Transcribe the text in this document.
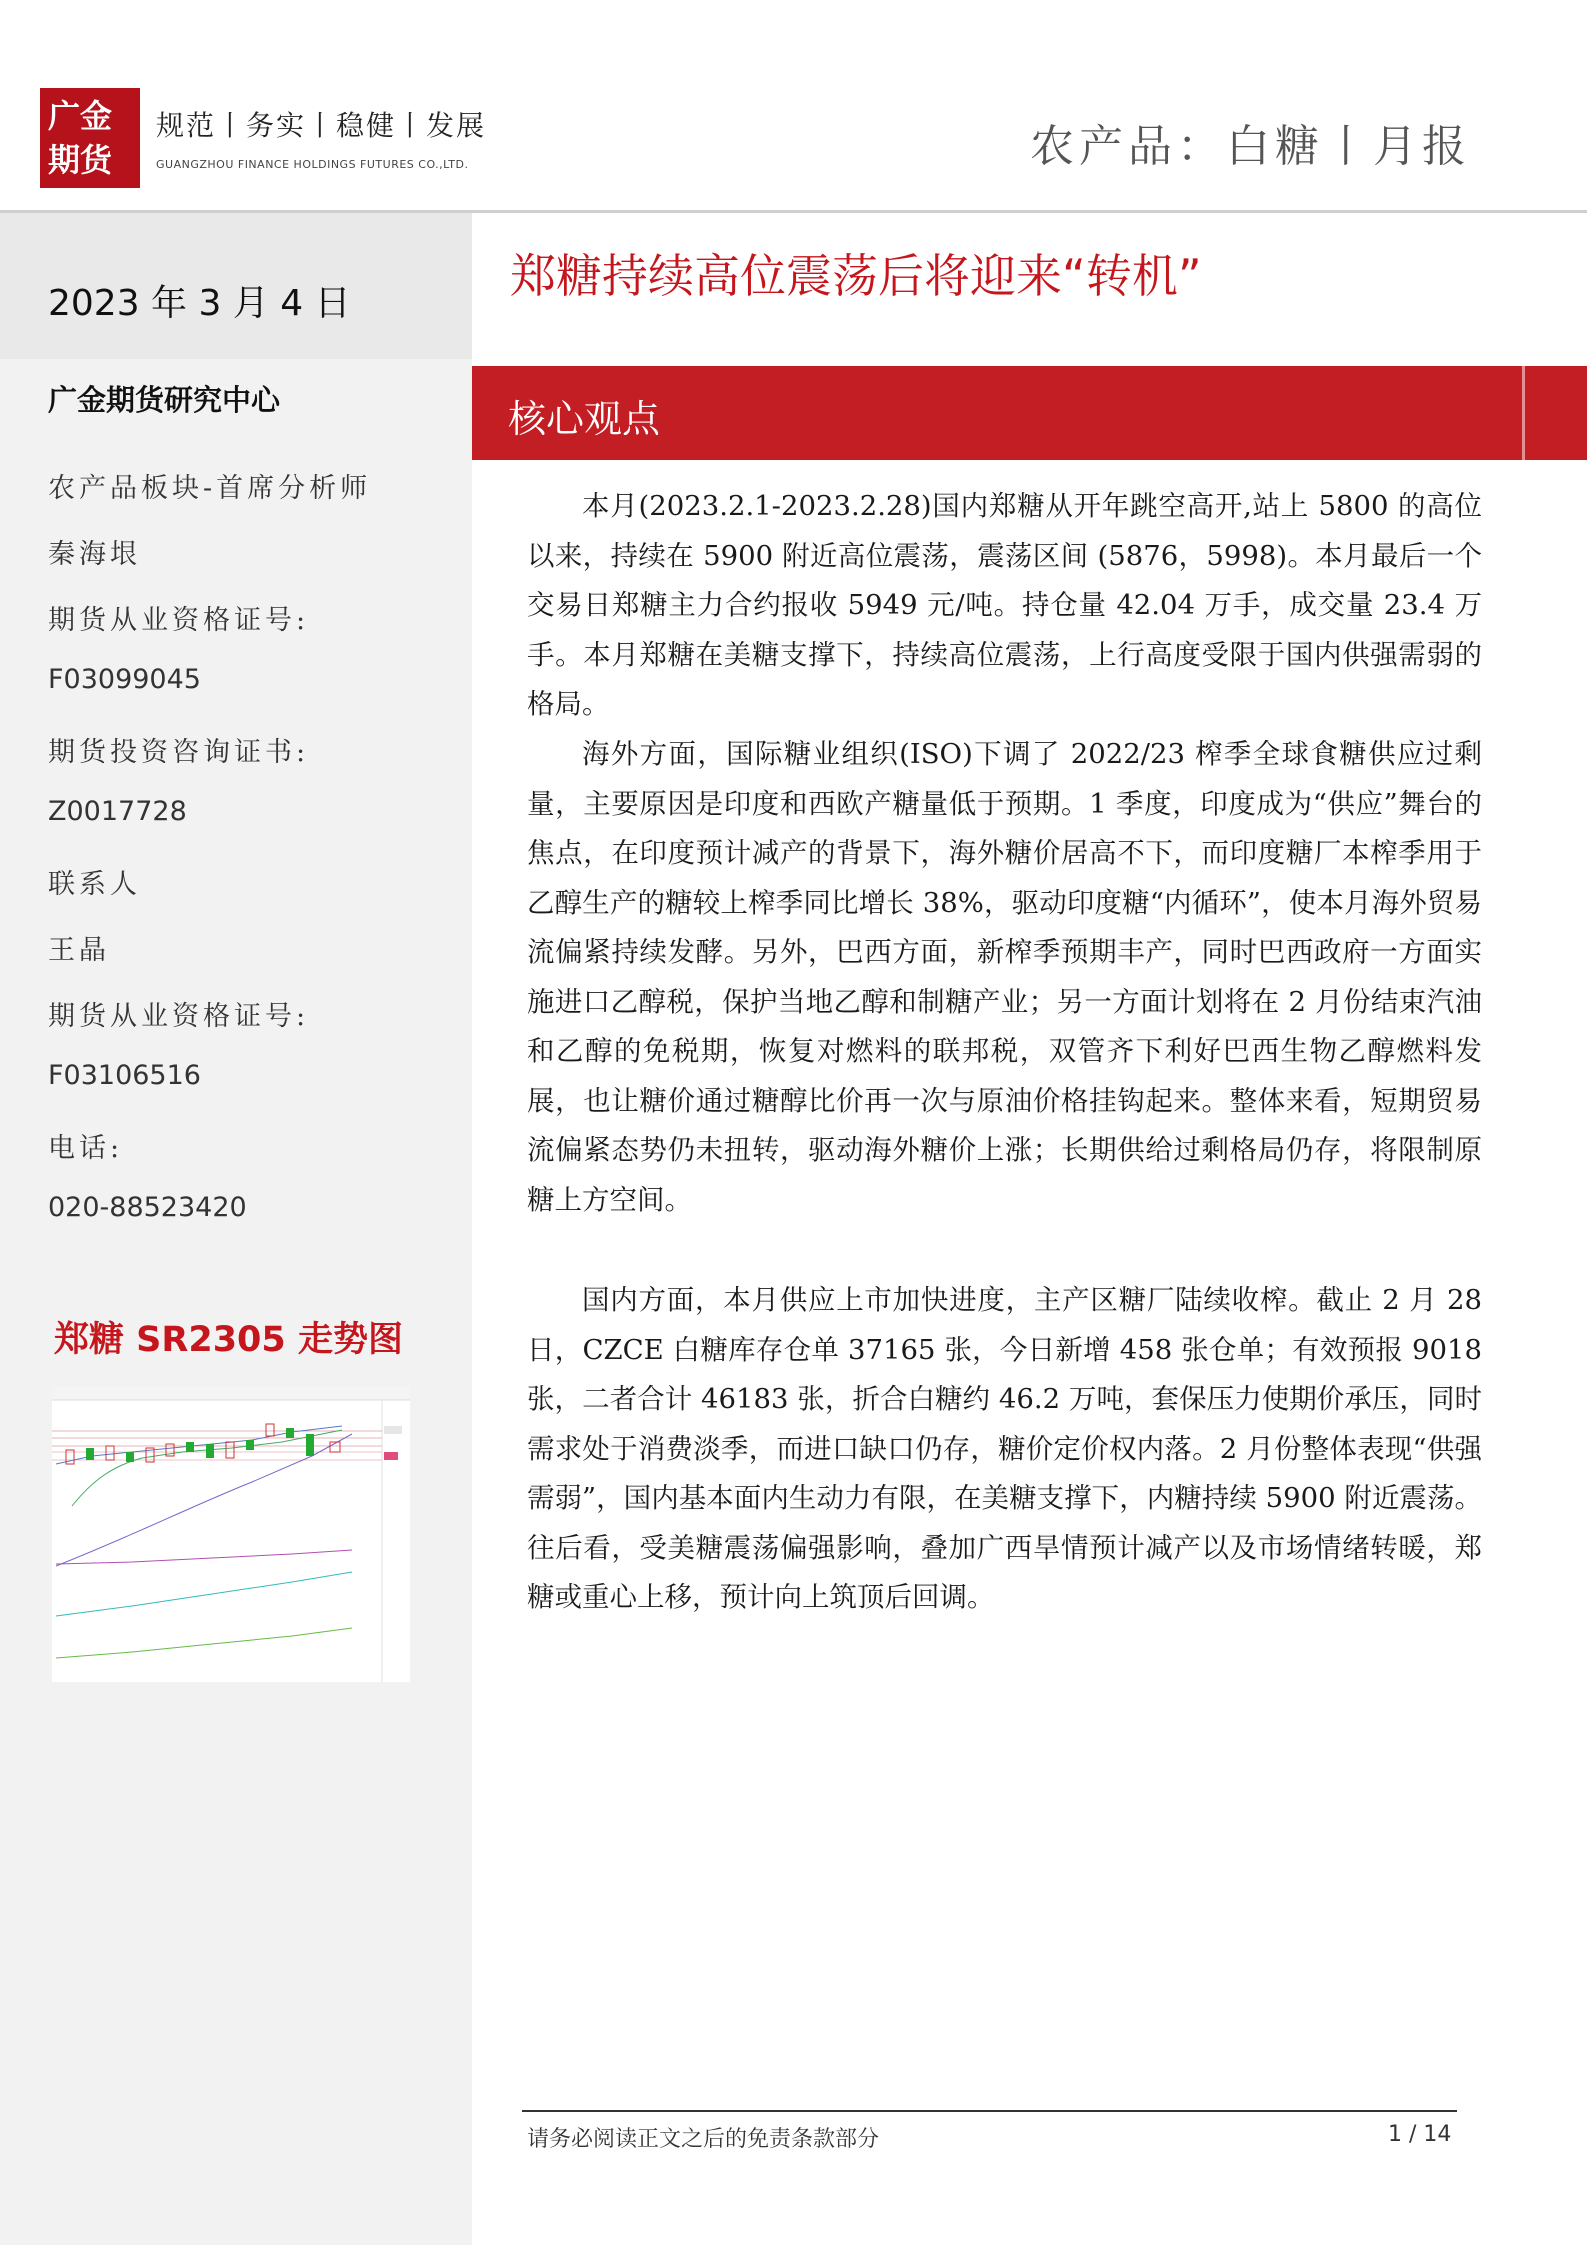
广金
期货
规范丨务实丨稳健丨发展
GUANGZHOU FINANCE HOLDINGS FUTURES CO.,LTD.	农产品：白糖丨月报
2023 年 3 月 4 日
广金期货研究中心
农产品板块-首席分析师
秦海垠
期货从业资格证号:
F03099045
期货投资咨询证书:
Z0017728
联系人
王晶
期货从业资格证号:
F03106516
电话:
020-88523420
郑糖 SR2305 走势图
郑糖持续高位震荡后将迎来“转机”
核心观点

本月(2023.2.1-2023.2.28)国内郑糖从开年跳空高开,站上 5800 的高位以来，持续在 5900 附近高位震荡，震荡区间 (5876，5998)。本月最后一个交易日郑糖主力合约报收 5949 元/吨。持仓量 42.04 万手，成交量 23.4 万手。本月郑糖在美糖支撑下，持续高位震荡，上行高度受限于国内供强需弱的格局。

海外方面，国际糖业组织(ISO)下调了 2022/23 榨季全球食糖供应过剩量，主要原因是印度和西欧产糖量低于预期。1 季度，印度成为“供应”舞台的焦点，在印度预计减产的背景下，海外糖价居高不下，而印度糖厂本榨季用于乙醇生产的糖较上榨季同比增长 38%，驱动印度糖“内循环”，使本月海外贸易流偏紧持续发酵。另外，巴西方面，新榨季预期丰产，同时巴西政府一方面实施进口乙醇税，保护当地乙醇和制糖产业；另一方面计划将在 2 月份结束汽油和乙醇的免税期，恢复对燃料的联邦税，双管齐下利好巴西生物乙醇燃料发展，也让糖价通过糖醇比价再一次与原油价格挂钩起来。整体来看，短期贸易流偏紧态势仍未扭转，驱动海外糖价上涨；长期供给过剩格局仍存，将限制原糖上方空间。

国内方面，本月供应上市加快进度，主产区糖厂陆续收榨。截止 2 月 28 日，CZCE 白糖库存仓单 37165 张，今日新增 458 张仓单；有效预报 9018 张，二者合计 46183 张，折合白糖约 46.2 万吨，套保压力使期价承压，同时需求处于消费淡季，而进口缺口仍存，糖价定价权内落。2 月份整体表现“供强需弱”，国内基本面内生动力有限，在美糖支撑下，内糖持续 5900 附近震荡。往后看，受美糖震荡偏强影响，叠加广西旱情预计减产以及市场情绪转暖，郑糖或重心上移，预计向上筑顶后回调。

请务必阅读正文之后的免责条款部分	1 / 14
